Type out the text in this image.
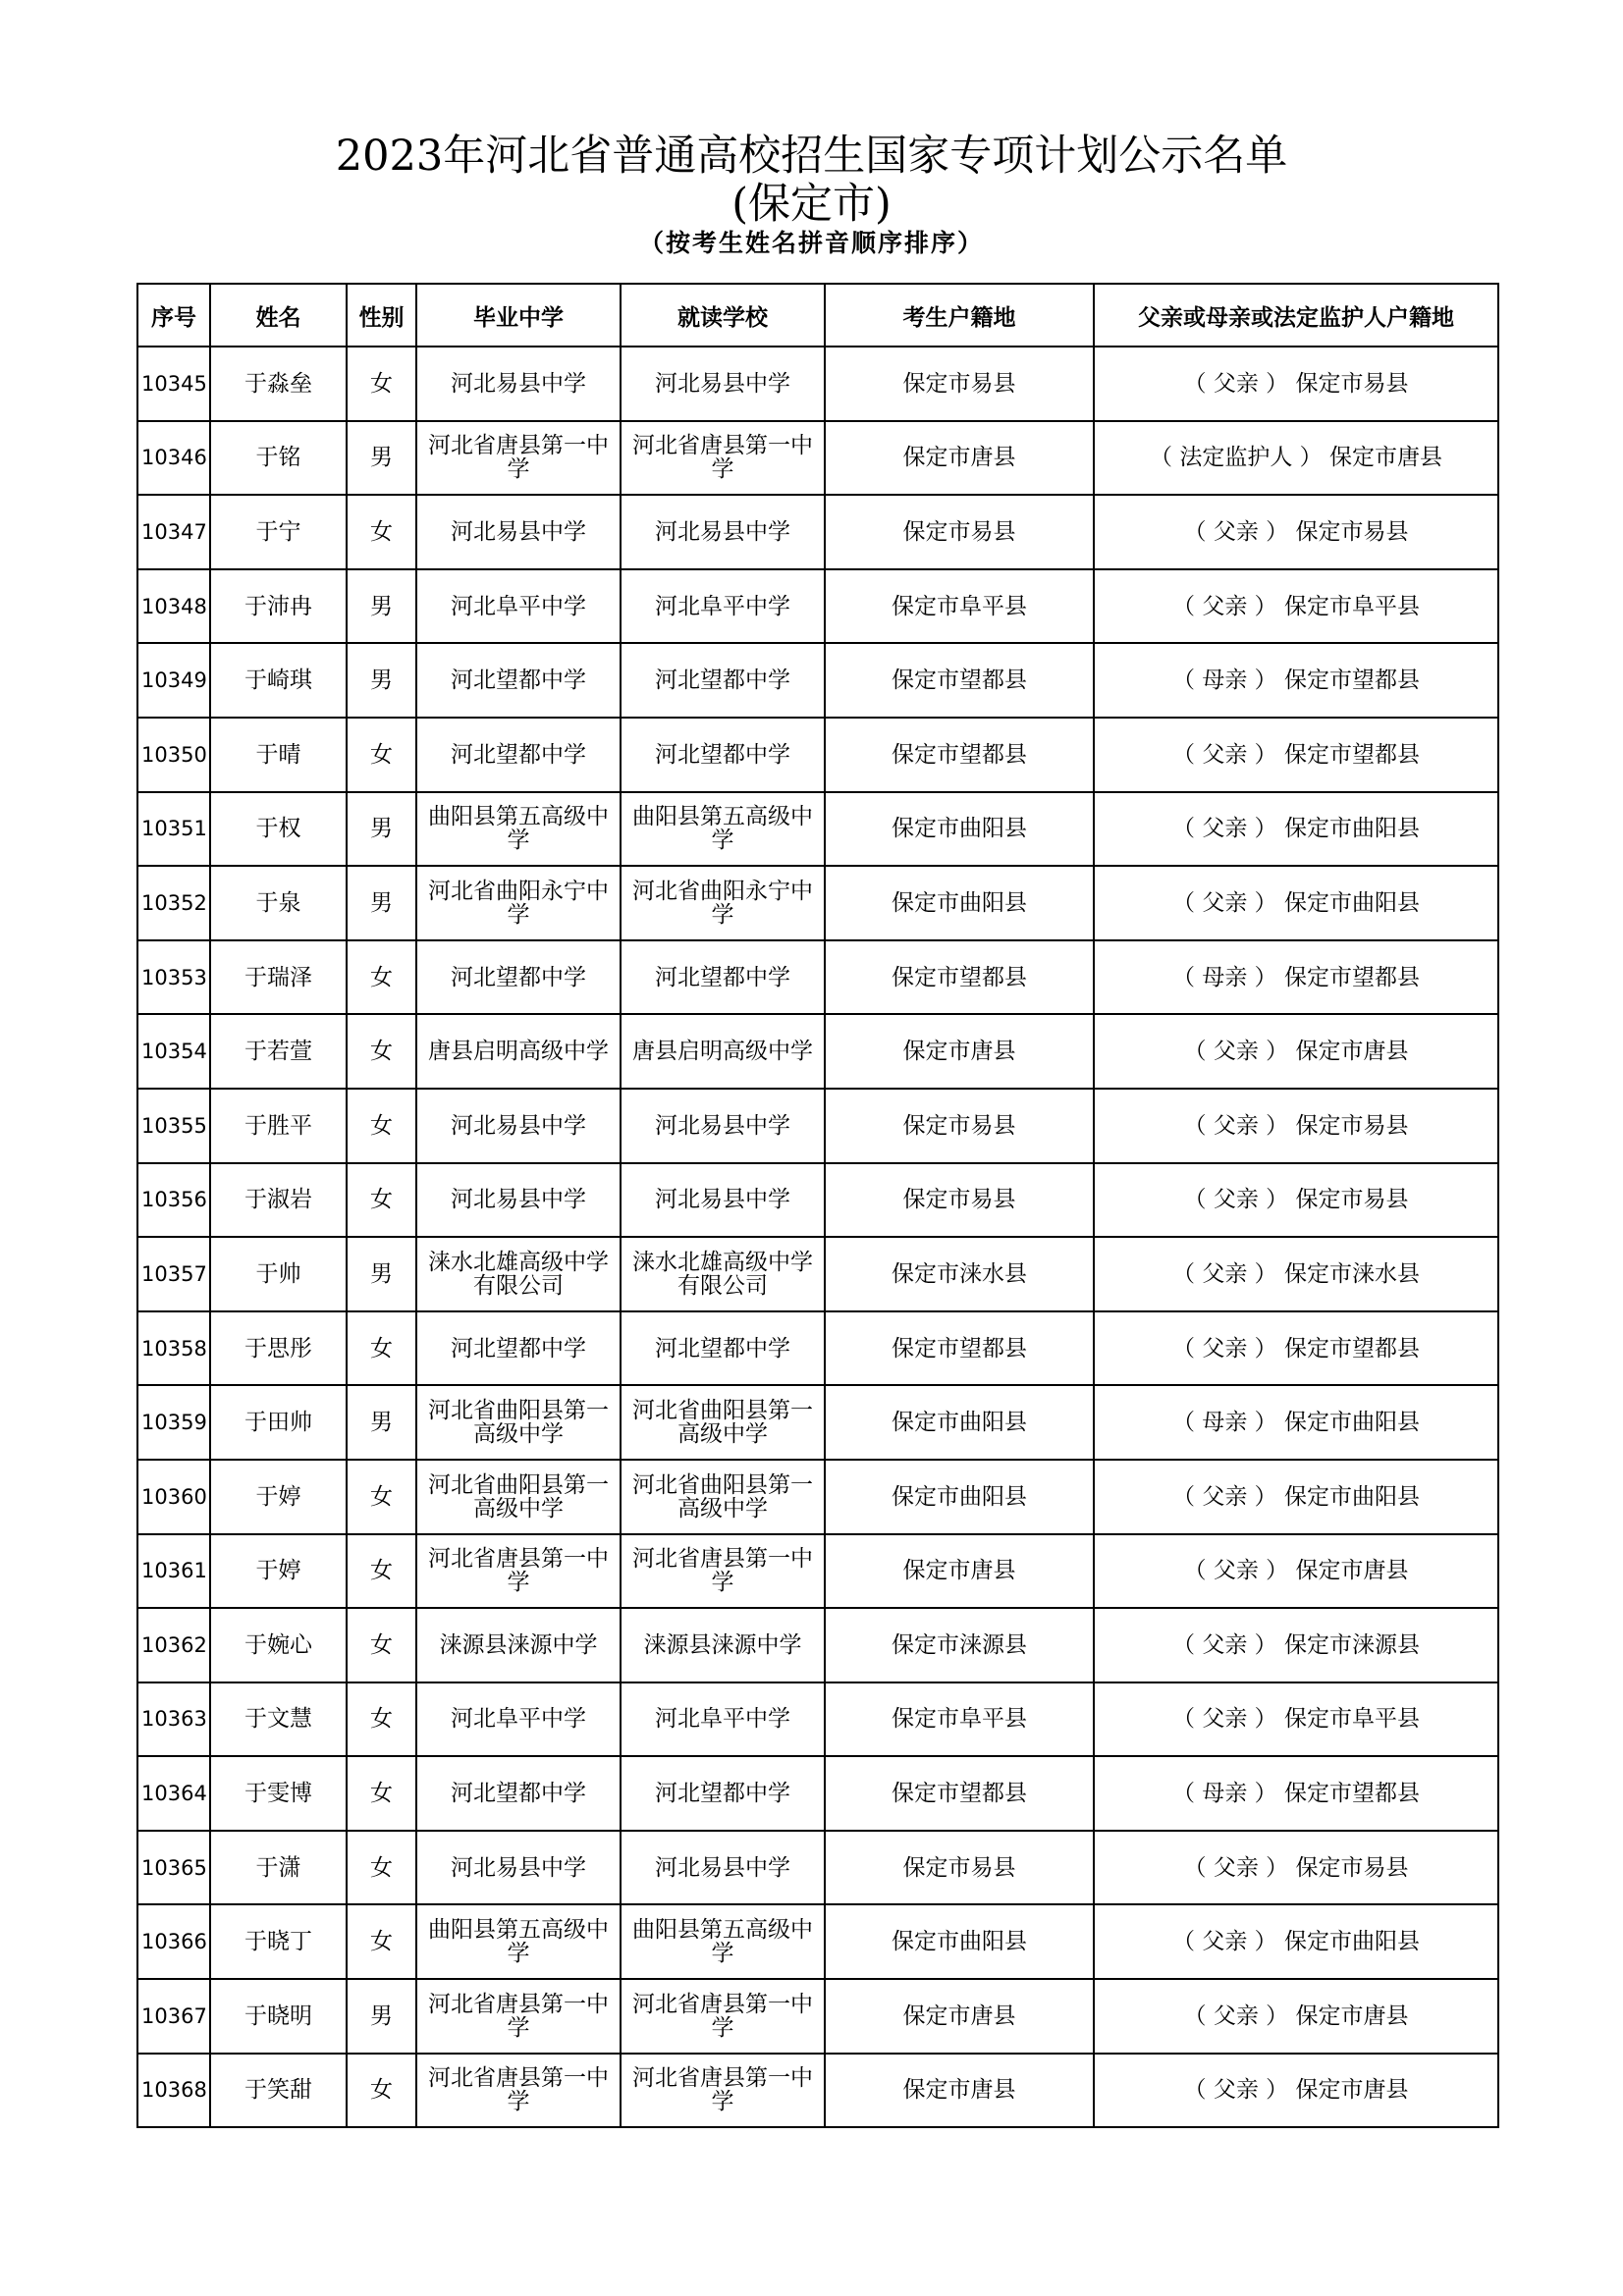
2023年河北省普通高校招生国家专项计划公示名单
(保定市)
（按考生姓名拼音顺序排序）
序号	姓名	性别	毕业中学	就读学校	考生户籍地	父亲或母亲或法定监护人户籍地
10345	于淼垒	女	河北易县中学	河北易县中学	保定市易县	（ 父亲 ） 保定市易县
10346	于铭	男	河北省唐县第一中学	河北省唐县第一中学	保定市唐县	（ 法定监护人 ） 保定市唐县
10347	于宁	女	河北易县中学	河北易县中学	保定市易县	（ 父亲 ） 保定市易县
10348	于沛冉	男	河北阜平中学	河北阜平中学	保定市阜平县	（ 父亲 ） 保定市阜平县
10349	于崎琪	男	河北望都中学	河北望都中学	保定市望都县	（ 母亲 ） 保定市望都县
10350	于晴	女	河北望都中学	河北望都中学	保定市望都县	（ 父亲 ） 保定市望都县
10351	于权	男	曲阳县第五高级中学	曲阳县第五高级中学	保定市曲阳县	（ 父亲 ） 保定市曲阳县
10352	于泉	男	河北省曲阳永宁中学	河北省曲阳永宁中学	保定市曲阳县	（ 父亲 ） 保定市曲阳县
10353	于瑞泽	女	河北望都中学	河北望都中学	保定市望都县	（ 母亲 ） 保定市望都县
10354	于若萱	女	唐县启明高级中学	唐县启明高级中学	保定市唐县	（ 父亲 ） 保定市唐县
10355	于胜平	女	河北易县中学	河北易县中学	保定市易县	（ 父亲 ） 保定市易县
10356	于淑岩	女	河北易县中学	河北易县中学	保定市易县	（ 父亲 ） 保定市易县
10357	于帅	男	涞水北雄高级中学有限公司	涞水北雄高级中学有限公司	保定市涞水县	（ 父亲 ） 保定市涞水县
10358	于思彤	女	河北望都中学	河北望都中学	保定市望都县	（ 父亲 ） 保定市望都县
10359	于田帅	男	河北省曲阳县第一高级中学	河北省曲阳县第一高级中学	保定市曲阳县	（ 母亲 ） 保定市曲阳县
10360	于婷	女	河北省曲阳县第一高级中学	河北省曲阳县第一高级中学	保定市曲阳县	（ 父亲 ） 保定市曲阳县
10361	于婷	女	河北省唐县第一中学	河北省唐县第一中学	保定市唐县	（ 父亲 ） 保定市唐县
10362	于婉心	女	涞源县涞源中学	涞源县涞源中学	保定市涞源县	（ 父亲 ） 保定市涞源县
10363	于文慧	女	河北阜平中学	河北阜平中学	保定市阜平县	（ 父亲 ） 保定市阜平县
10364	于雯博	女	河北望都中学	河北望都中学	保定市望都县	（ 母亲 ） 保定市望都县
10365	于潇	女	河北易县中学	河北易县中学	保定市易县	（ 父亲 ） 保定市易县
10366	于晓丁	女	曲阳县第五高级中学	曲阳县第五高级中学	保定市曲阳县	（ 父亲 ） 保定市曲阳县
10367	于晓明	男	河北省唐县第一中学	河北省唐县第一中学	保定市唐县	（ 父亲 ） 保定市唐县
10368	于笑甜	女	河北省唐县第一中学	河北省唐县第一中学	保定市唐县	（ 父亲 ） 保定市唐县
